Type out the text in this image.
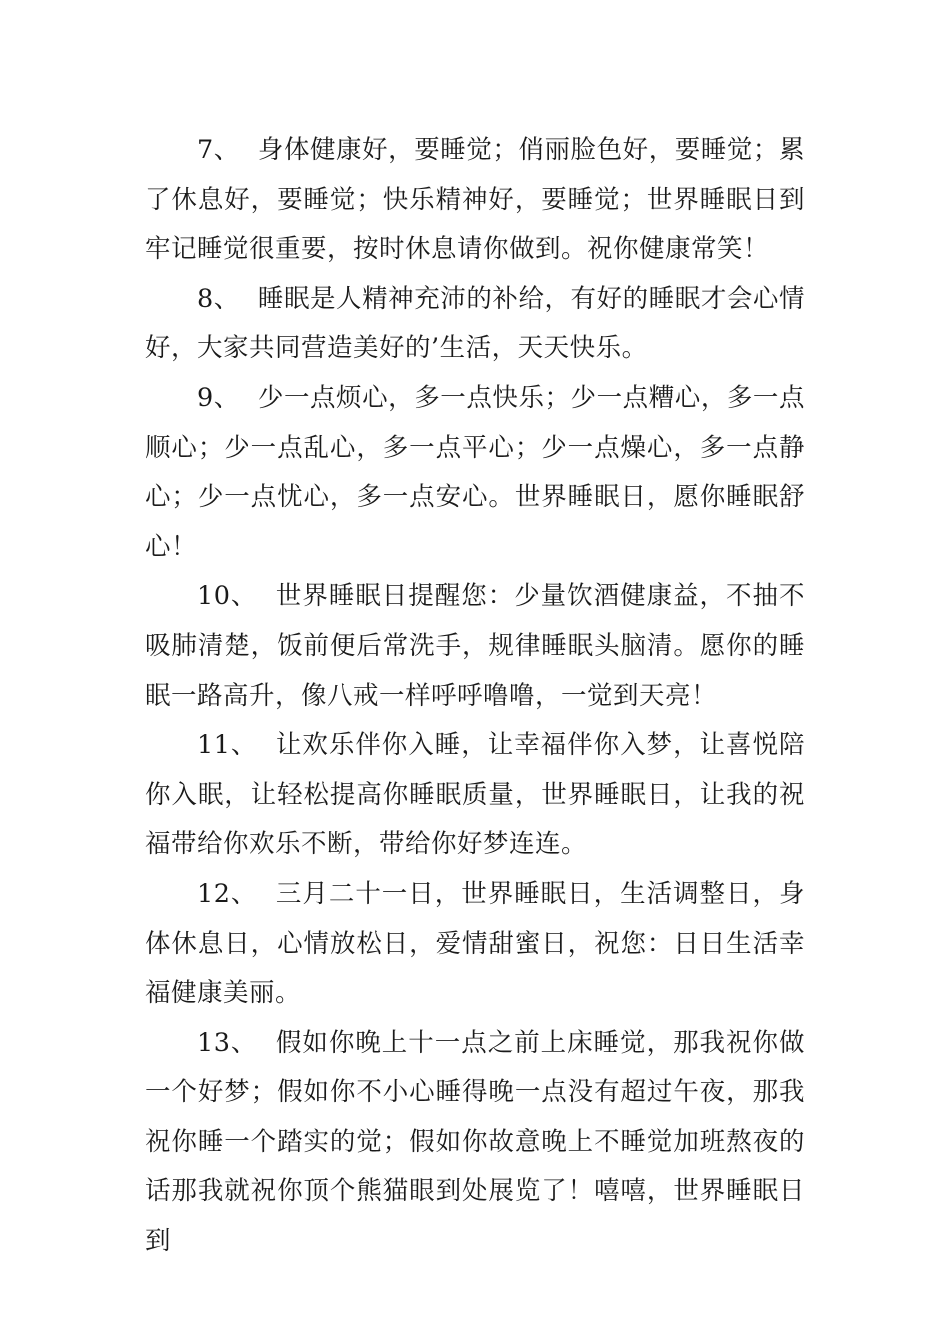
7、 身体健康好，要睡觉；俏丽脸色好，要睡觉；累了休息好，要睡觉；快乐精神好，要睡觉；世界睡眠日到牢记睡觉很重要，按时休息请你做到。祝你健康常笑！

8、 睡眠是人精神充沛的补给，有好的睡眠才会心情好，大家共同营造美好的’生活，天天快乐。

9、 少一点烦心，多一点快乐；少一点糟心，多一点顺心；少一点乱心，多一点平心；少一点燥心，多一点静心；少一点忧心，多一点安心。世界睡眠日，愿你睡眠舒心！

10、 世界睡眠日提醒您：少量饮酒健康益，不抽不吸肺清楚，饭前便后常洗手，规律睡眠头脑清。愿你的睡眠一路高升，像八戒一样呼呼噜噜，一觉到天亮！

11、 让欢乐伴你入睡，让幸福伴你入梦，让喜悦陪你入眠，让轻松提高你睡眠质量，世界睡眠日，让我的祝福带给你欢乐不断，带给你好梦连连。

12、 三月二十一日，世界睡眠日，生活调整日，身体休息日，心情放松日，爱情甜蜜日，祝您：日日生活幸福健康美丽。

13、 假如你晚上十一点之前上床睡觉，那我祝你做一个好梦；假如你不小心睡得晚一点没有超过午夜，那我祝你睡一个踏实的觉；假如你故意晚上不睡觉加班熬夜的话那我就祝你顶个熊猫眼到处展览了！嘻嘻，世界睡眠日到
